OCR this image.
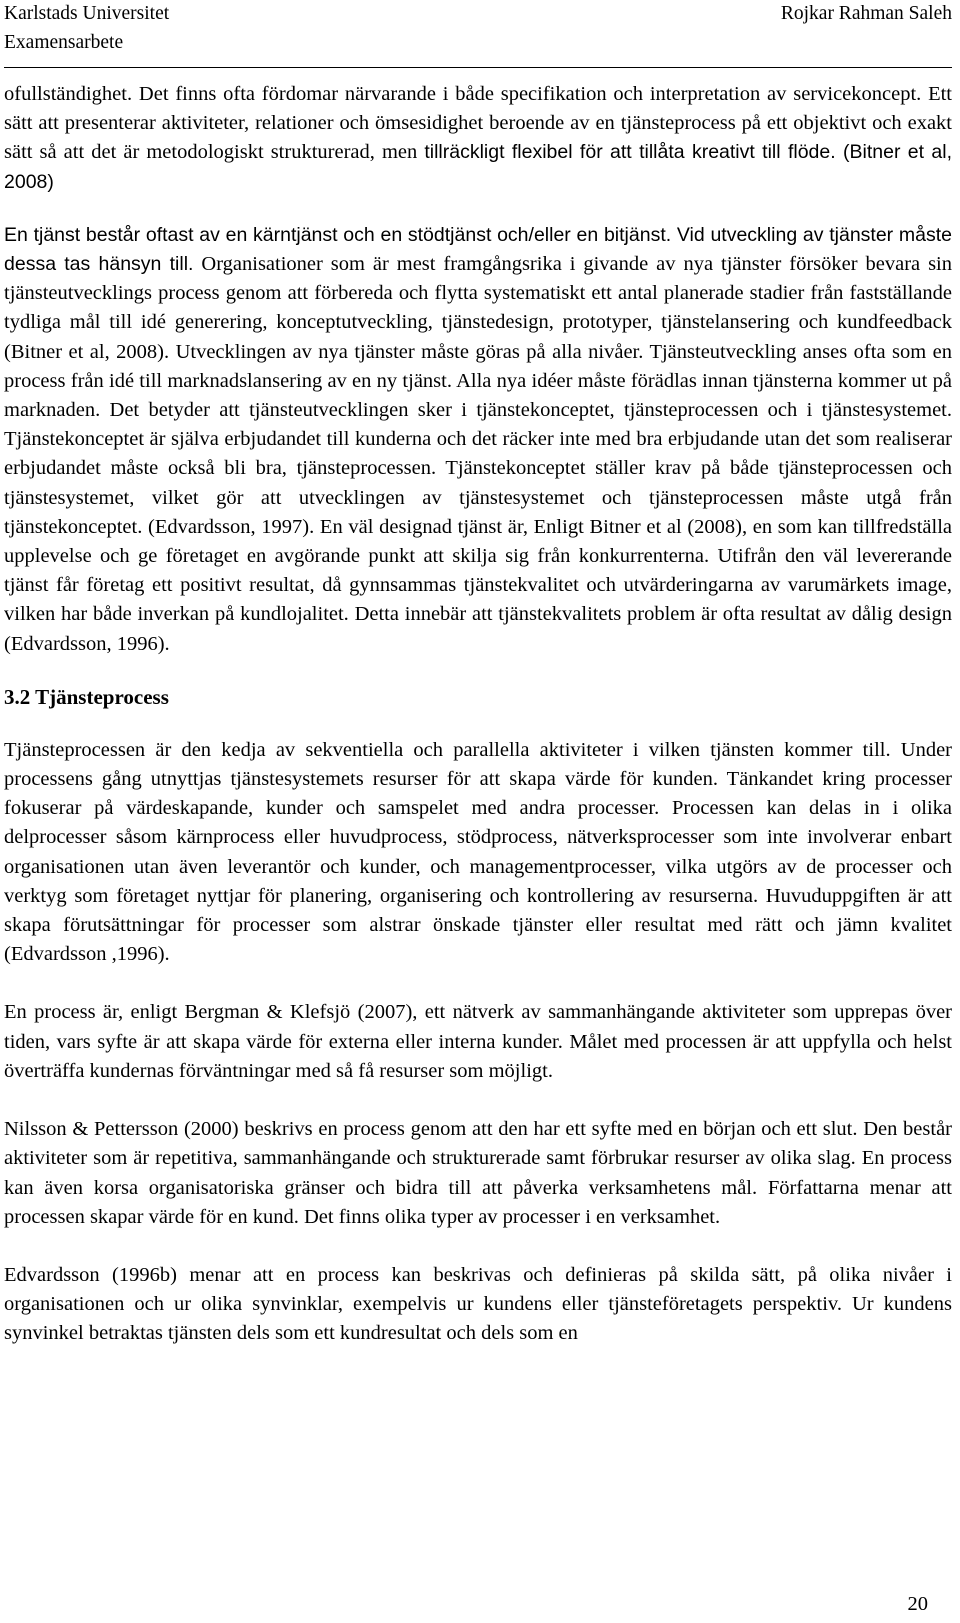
Karlstads Universitet
Examensarbete
Rojkar Rahman Saleh

ofullständighet. Det finns ofta fördomar närvarande i både specifikation och interpretation av servicekoncept. Ett sätt att presenterar aktiviteter, relationer och ömsesidighet beroende av en tjänsteprocess på ett objektivt och exakt sätt så att det är metodologiskt strukturerad, men tillräckligt flexibel för att tillåta kreativt till flöde. (Bitner et al, 2008)

En tjänst består oftast av en kärntjänst och en stödtjänst och/eller en bitjänst. Vid utveckling av tjänster måste dessa tas hänsyn till. Organisationer som är mest framgångsrika i givande av nya tjänster försöker bevara sin tjänsteutvecklings process genom att förbereda och flytta systematiskt ett antal planerade stadier från fastställande tydliga mål till idé generering, konceptutveckling, tjänstedesign, prototyper, tjänstelansering och kundfeedback (Bitner et al, 2008). Utvecklingen av nya tjänster måste göras på alla nivåer. Tjänsteutveckling anses ofta som en process från idé till marknadslansering av en ny tjänst. Alla nya idéer måste förädlas innan tjänsterna kommer ut på marknaden. Det betyder att tjänsteutvecklingen sker i tjänstekonceptet, tjänsteprocessen och i tjänstesystemet. Tjänstekonceptet är själva erbjudandet till kunderna och det räcker inte med bra erbjudande utan det som realiserar erbjudandet måste också bli bra, tjänsteprocessen. Tjänstekonceptet ställer krav på både tjänsteprocessen och tjänstesystemet, vilket gör att utvecklingen av tjänstesystemet och tjänsteprocessen måste utgå från tjänstekonceptet. (Edvardsson, 1997). En väl designad tjänst är, Enligt Bitner et al (2008), en som kan tillfredställa upplevelse och ge företaget en avgörande punkt att skilja sig från konkurrenterna. Utifrån den väl levererande tjänst får företag ett positivt resultat, då gynnsammas tjänstekvalitet och utvärderingarna av varumärkets image, vilken har både inverkan på kundlojalitet. Detta innebär att tjänstekvalitets problem är ofta resultat av dålig design (Edvardsson, 1996).

3.2 Tjänsteprocess

Tjänsteprocessen är den kedja av sekventiella och parallella aktiviteter i vilken tjänsten kommer till. Under processens gång utnyttjas tjänstesystemets resurser för att skapa värde för kunden. Tänkandet kring processer fokuserar på värdeskapande, kunder och samspelet med andra processer. Processen kan delas in i olika delprocesser såsom kärnprocess eller huvudprocess, stödprocess, nätverksprocesser som inte involverar enbart organisationen utan även leverantör och kunder, och managementprocesser, vilka utgörs av de processer och verktyg som företaget nyttjar för planering, organisering och kontrollering av resurserna. Huvuduppgiften är att skapa förutsättningar för processer som alstrar önskade tjänster eller resultat med rätt och jämn kvalitet (Edvardsson ,1996).

En process är, enligt Bergman & Klefsjö (2007), ett nätverk av sammanhängande aktiviteter som upprepas över tiden, vars syfte är att skapa värde för externa eller interna kunder. Målet med processen är att uppfylla och helst överträffa kundernas förväntningar med så få resurser som möjligt.

Nilsson & Pettersson (2000) beskrivs en process genom att den har ett syfte med en början och ett slut. Den består aktiviteter som är repetitiva, sammanhängande och strukturerade samt förbrukar resurser av olika slag. En process kan även korsa organisatoriska gränser och bidra till att påverka verksamhetens mål. Författarna menar att processen skapar värde för en kund. Det finns olika typer av processer i en verksamhet.

Edvardsson (1996b) menar att en process kan beskrivas och definieras på skilda sätt, på olika nivåer i organisationen och ur olika synvinklar, exempelvis ur kundens eller tjänsteföretagets perspektiv. Ur kundens synvinkel betraktas tjänsten dels som ett kundresultat och dels som en

20
